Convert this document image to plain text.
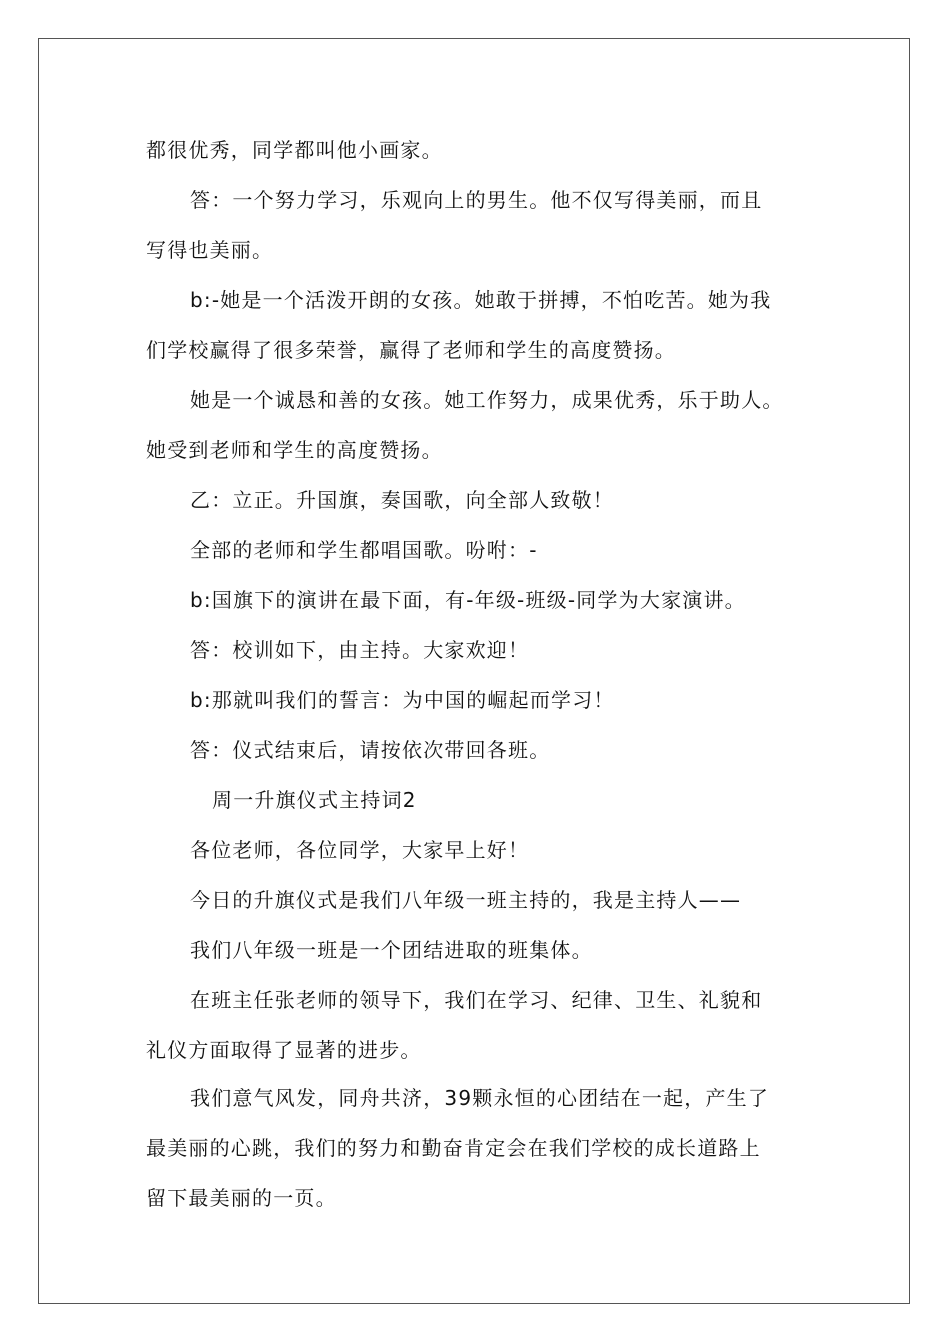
都很优秀，同学都叫他小画家。
答：一个努力学习，乐观向上的男生。他不仅写得美丽，而且
写得也美丽。
b:-她是一个活泼开朗的女孩。她敢于拼搏，不怕吃苦。她为我
们学校赢得了很多荣誉，赢得了老师和学生的高度赞扬。
她是一个诚恳和善的女孩。她工作努力，成果优秀，乐于助人。
她受到老师和学生的高度赞扬。
乙：立正。升国旗，奏国歌，向全部人致敬！
全部的老师和学生都唱国歌。吩咐：-
b:国旗下的演讲在最下面，有-年级-班级-同学为大家演讲。
答：校训如下，由主持。大家欢迎！
b:那就叫我们的誓言：为中国的崛起而学习！
答：仪式结束后，请按依次带回各班。
周一升旗仪式主持词2
各位老师，各位同学，大家早上好！
今日的升旗仪式是我们八年级一班主持的，我是主持人——
我们八年级一班是一个团结进取的班集体。
在班主任张老师的领导下，我们在学习、纪律、卫生、礼貌和
礼仪方面取得了显著的进步。
我们意气风发，同舟共济，39颗永恒的心团结在一起，产生了
最美丽的心跳，我们的努力和勤奋肯定会在我们学校的成长道路上
留下最美丽的一页。
